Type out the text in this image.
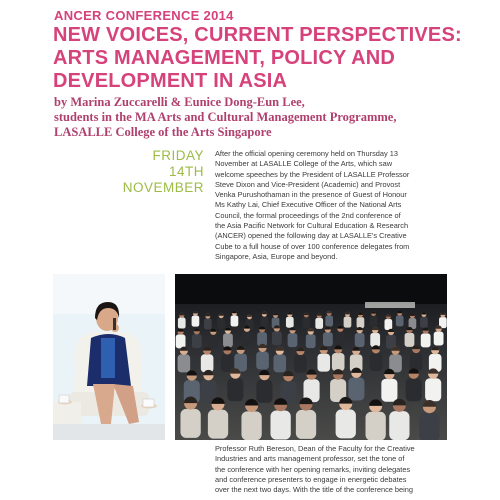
ANCER CONFERENCE 2014
NEW VOICES, CURRENT PERSPECTIVES:
ARTS MANAGEMENT, POLICY AND
DEVELOPMENT IN ASIA

by Marina Zuccarelli & Eunice Dong-Eun Lee,
students in the MA Arts and Cultural Management Programme,
LASALLE College of the Arts Singapore

FRIDAY
14TH
NOVEMBER

After the official opening ceremony held on Thursday 13
November at LASALLE College of the Arts, which saw
welcome speeches by the President of LASALLE Professor
Steve Dixon and Vice-President (Academic) and Provost
Venka Purushothaman in the presence of Guest of Honour
Ms Kathy Lai, Chief Executive Officer of the National Arts
Council, the formal proceedings of the 2nd conference of
the Asia Pacific Network for Cultural Education & Research
(ANCER) opened the following day at LASALLE's Creative
Cube to a full house of over 100 conference delegates from
Singapore, Asia, Europe and beyond.

Professor Ruth Bereson, Dean of the Faculty for the Creative
Industries and arts management professor, set the tone of
the conference with her opening remarks, inviting delegates
and conference presenters to engage in energetic debates
over the next two days. With the title of the conference being
